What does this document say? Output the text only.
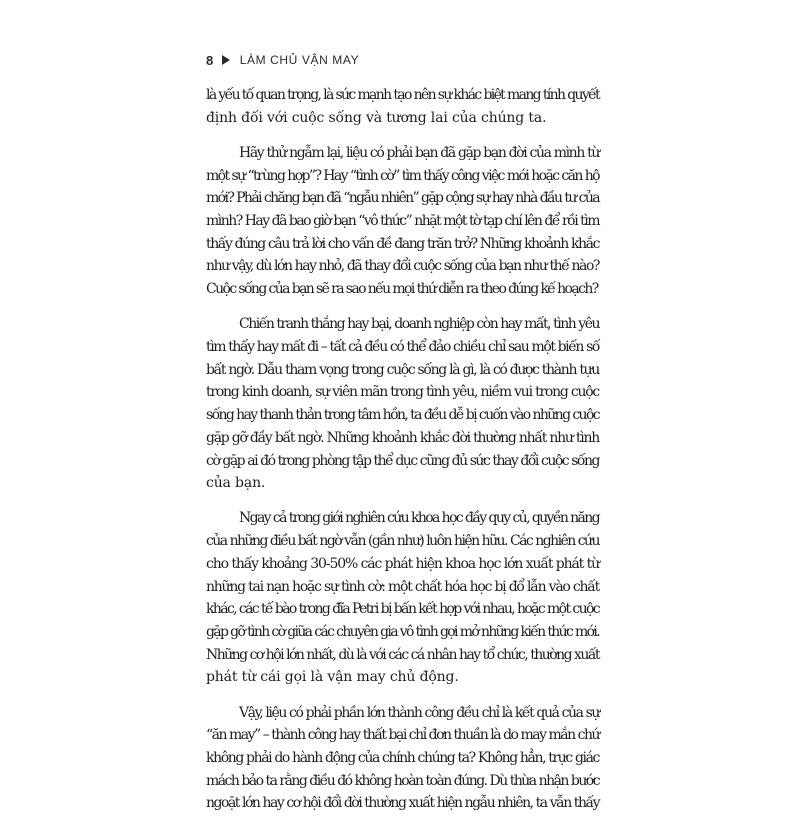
8 LÀM CHỦ VẬN MAY

là yếu tố quan trọng, là sức mạnh tạo nên sự khác biệt mang tính quyết
định đối với cuộc sống và tương lai của chúng ta.

Hãy thử ngẫm lại, liệu có phải bạn đã gặp bạn đời của mình từ
một sự “trùng hợp”? Hay “tình cờ” tìm thấy công việc mới hoặc căn hộ
mới? Phải chăng bạn đã “ngẫu nhiên” gặp cộng sự hay nhà đầu tư của
mình? Hay đã bao giờ bạn “vô thức” nhặt một tờ tạp chí lên để rồi tìm
thấy đúng câu trả lời cho vấn đề đang trăn trở? Những khoảnh khắc
như vậy, dù lớn hay nhỏ, đã thay đổi cuộc sống của bạn như thế nào?
Cuộc sống của bạn sẽ ra sao nếu mọi thứ diễn ra theo đúng kế hoạch?

Chiến tranh thắng hay bại, doanh nghiệp còn hay mất, tình yêu
tìm thấy hay mất đi – tất cả đều có thể đảo chiều chỉ sau một biến số
bất ngờ. Dẫu tham vọng trong cuộc sống là gì, là có được thành tựu
trong kinh doanh, sự viên mãn trong tình yêu, niềm vui trong cuộc
sống hay thanh thản trong tâm hồn, ta đều dễ bị cuốn vào những cuộc
gặp gỡ đầy bất ngờ. Những khoảnh khắc đời thường nhất như tình
cờ gặp ai đó trong phòng tập thể dục cũng đủ sức thay đổi cuộc sống
của bạn.

Ngay cả trong giới nghiên cứu khoa học đầy quy củ, quyền năng
của những điều bất ngờ vẫn (gần như) luôn hiện hữu. Các nghiên cứu
cho thấy khoảng 30-50% các phát hiện khoa học lớn xuất phát từ
những tai nạn hoặc sự tình cờ: một chất hóa học bị đổ lẫn vào chất
khác, các tế bào trong đĩa Petri bị bấn kết hợp với nhau, hoặc một cuộc
gặp gỡ tình cờ giữa các chuyên gia vô tình gợi mở những kiến thức mới.
Những cơ hội lớn nhất, dù là với các cá nhân hay tổ chức, thường xuất
phát từ cái gọi là vận may chủ động.

Vậy, liệu có phải phần lớn thành công đều chỉ là kết quả của sự
“ăn may” – thành công hay thất bại chỉ đơn thuần là do may mắn chứ
không phải do hành động của chính chúng ta? Không hẳn, trực giác
mách bảo ta rằng điều đó không hoàn toàn đúng. Dù thừa nhận bước
ngoặt lớn hay cơ hội đổi đời thường xuất hiện ngẫu nhiên, ta vẫn thấy
